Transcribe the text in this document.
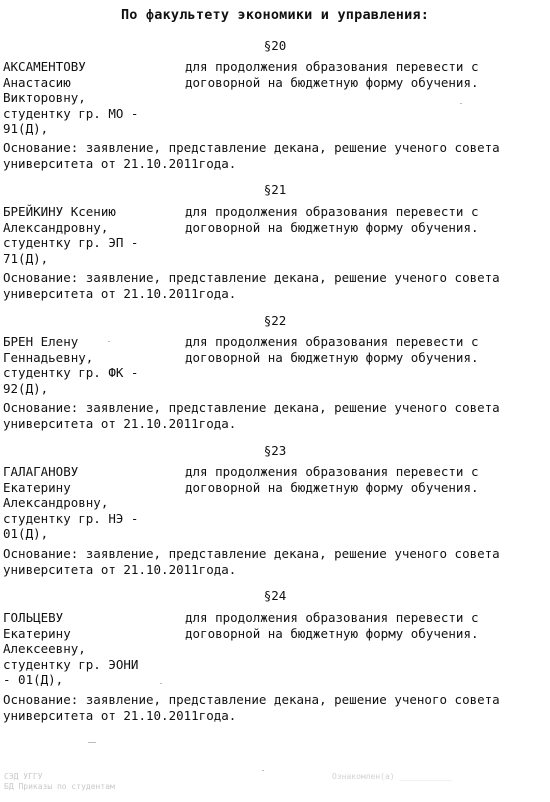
По факультету экономики и управления:
§20
АКСАМЕНТОВУ
Анастасию
Викторовну,
студентку гр. МО -
91(Д),
для продолжения образования перевести с
договорной на бюджетную форму обучения.
Основание: заявление, представление декана, решение ученого совета
университета от 21.10.2011года.
§21
БРЕЙКИНУ Ксению
Александровну,
студентку гр. ЭП -
71(Д),
для продолжения образования перевести с
договорной на бюджетную форму обучения.
Основание: заявление, представление декана, решение ученого совета
университета от 21.10.2011года.
§22
БРЕН Елену
Геннадьевну,
студентку гр. ФК -
92(Д),
для продолжения образования перевести с
договорной на бюджетную форму обучения.
Основание: заявление, представление декана, решение ученого совета
университета от 21.10.2011года.
§23
ГАЛАГАНОВУ
Екатерину
Александровну,
студентку гр. НЭ -
01(Д),
для продолжения образования перевести с
договорной на бюджетную форму обучения.
Основание: заявление, представление декана, решение ученого совета
университета от 21.10.2011года.
§24
ГОЛЬЦЕВУ
Екатерину
Алексеевну,
студентку гр. ЭОНИ
- 01(Д),
для продолжения образования перевести с
договорной на бюджетную форму обучения.
Основание: заявление, представление декана, решение ученого совета
университета от 21.10.2011года.
СЭД УГГУ
БД Приказы по студентам
Ознакомлен(а) ___________
